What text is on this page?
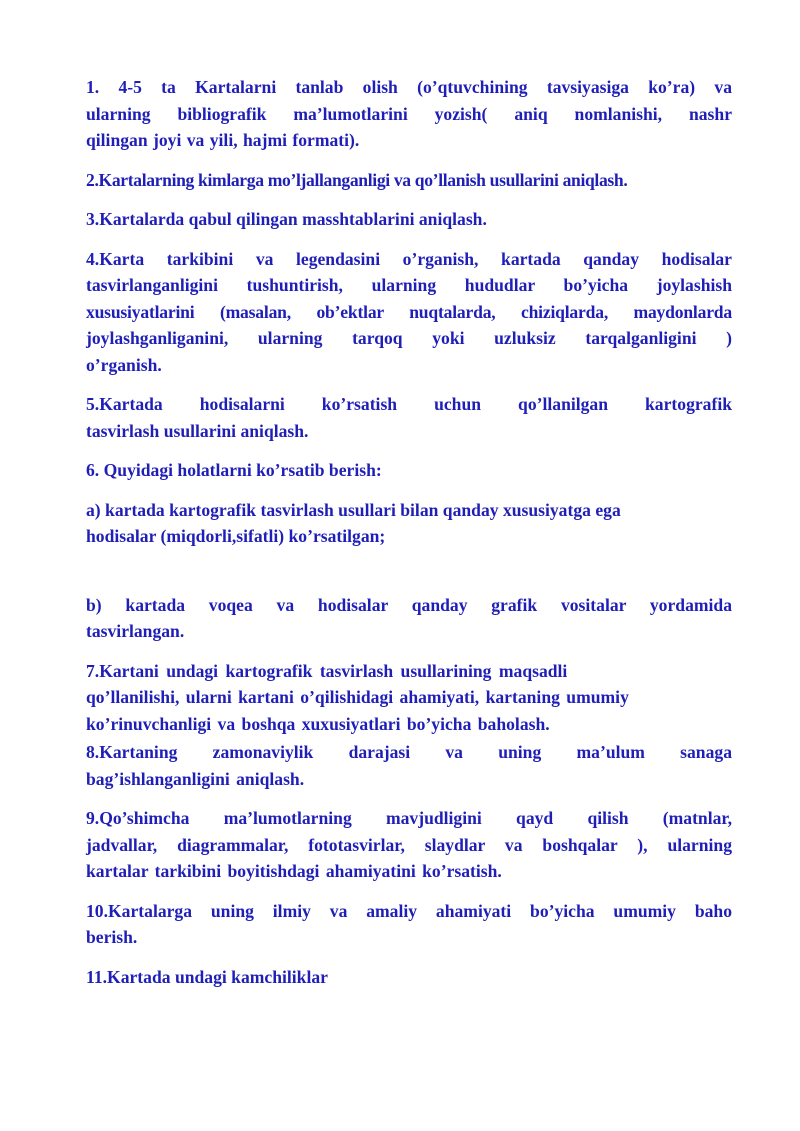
1. 4-5 ta Kartalarni tanlab olish (o’qtuvchining tavsiyasiga ko’ra) va
ularning bibliografik ma’lumotlarini yozish( aniq nomlanishi, nashr
qilingan joyi va yili, hajmi formati).

2.Kartalarning kimlarga mo’ljallanganligi va qo’llanish usullarini aniqlash.

3.Kartalarda qabul qilingan masshtablarini aniqlash.

4.Karta tarkibini va legendasini o’rganish, kartada qanday hodisalar
tasvirlanganligini tushuntirish, ularning hududlar bo’yicha joylashish
xususiyatlarini (masalan, ob’ektlar nuqtalarda, chiziqlarda, maydonlarda
joylashganliganini, ularning tarqoq yoki uzluksiz tarqalganligini )
o’rganish.

5.Kartada hodisalarni ko’rsatish uchun qo’llanilgan kartografik
tasvirlash usullarini aniqlash.

6. Quyidagi holatlarni ko’rsatib berish:

a) kartada kartografik tasvirlash usullari bilan qanday xususiyatga ega
hodisalar (miqdorli,sifatli) ko’rsatilgan;

b) kartada voqea va hodisalar qanday grafik vositalar yordamida
tasvirlangan.

7.Kartani undagi kartografik tasvirlash usullarining maqsadli
qo’llanilishi, ularni kartani o’qilishidagi ahamiyati, kartaning umumiy
ko’rinuvchanligi va boshqa xuxusiyatlari bo’yicha baholash.

8.Kartaning zamonaviylik darajasi va uning ma’ulum sanaga
bag’ishlanganligini aniqlash.

9.Qo’shimcha ma’lumotlarning mavjudligini qayd qilish (matnlar,
jadvallar, diagrammalar, fototasvirlar, slaydlar va boshqalar ), ularning
kartalar tarkibini boyitishdagi ahamiyatini ko’rsatish.

10.Kartalarga uning ilmiy va amaliy ahamiyati bo’yicha umumiy baho
berish.

11.Kartada undagi kamchiliklar
